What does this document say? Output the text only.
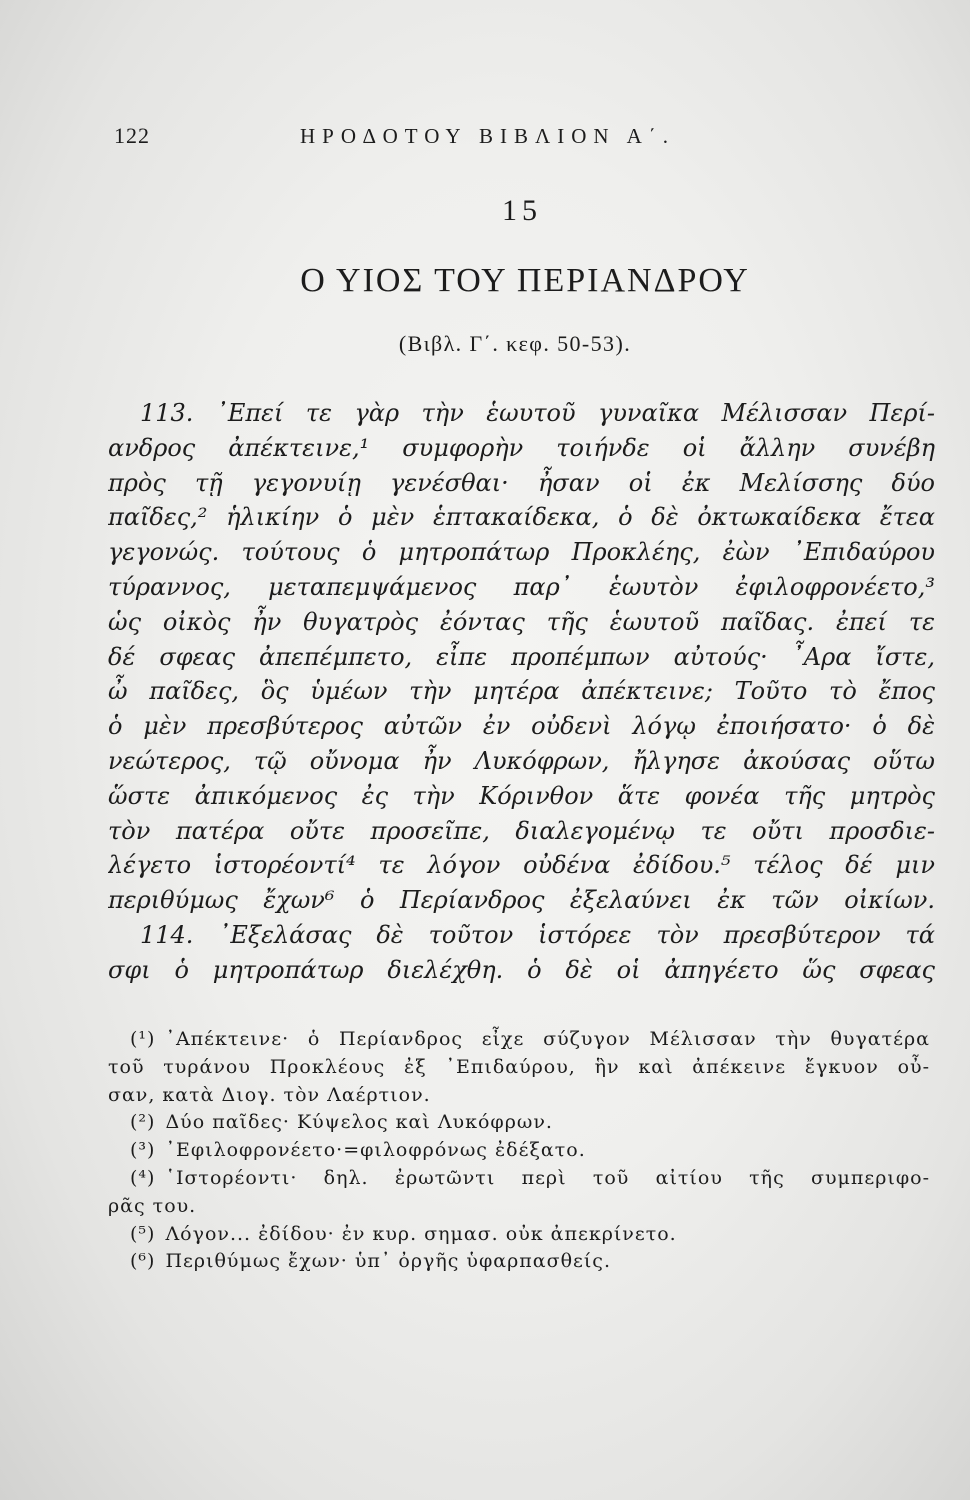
122	ΗΡΟΔΟΤΟΥ ΒΙΒΛΙΟΝ Α΄.
15
Ο ΥΙΟΣ ΤΟΥ ΠΕΡΙΑΝΔΡΟΥ
(Βιβλ. Γ΄. κεφ. 50-53).
113. ᾿Επεί τε γὰρ τὴν ἑωυτοῦ γυναῖκα Μέλισσαν Περί-
ανδρος ἀπέκτεινε,¹ συμφορὴν τοιήνδε οἱ ἄλλην συνέβη
πρὸς τῇ γεγονυίῃ γενέσθαι· ἦσαν οἱ ἐκ Μελίσσης δύο
παῖδες,² ἡλικίην ὁ μὲν ἑπτακαίδεκα, ὁ δὲ ὀκτωκαίδεκα ἔτεα
γεγονώς. τούτους ὁ μητροπάτωρ Προκλέης, ἐὼν ᾿Επιδαύρου
τύραννος, μεταπεμψάμενος παρ᾿ ἑωυτὸν ἐφιλοφρονέετο,³
ὡς οἰκὸς ἦν θυγατρὸς ἐόντας τῆς ἑωυτοῦ παῖδας. ἐπεί τε
δέ σφεας ἀπεπέμπετο, εἶπε προπέμπων αὐτούς· ῏Αρα ἴστε,
ὦ παῖδες, ὃς ὑμέων τὴν μητέρα ἀπέκτεινε; Τοῦτο τὸ ἔπος
ὁ μὲν πρεσβύτερος αὐτῶν ἐν οὐδενὶ λόγῳ ἐποιήσατο· ὁ δὲ
νεώτερος, τῷ οὔνομα ἦν Λυκόφρων, ἤλγησε ἀκούσας οὕτω
ὥστε ἀπικόμενος ἐς τὴν Κόρινθον ἅτε φονέα τῆς μητρὸς
τὸν πατέρα οὔτε προσεῖπε, διαλεγομένῳ τε οὔτι προσδιε-
λέγετο ἱστορέοντί⁴ τε λόγον οὐδένα ἐδίδου.⁵ τέλος δέ μιν
περιθύμως ἔχων⁶ ὁ Περίανδρος ἐξελαύνει ἐκ τῶν οἰκίων.
114. ᾿Εξελάσας δὲ τοῦτον ἱστόρεε τὸν πρεσβύτερον τά
σφι ὁ μητροπάτωρ διελέχθη. ὁ δὲ οἱ ἀπηγέετο ὥς σφεας
(¹) ᾿Απέκτεινε· ὁ Περίανδρος εἶχε σύζυγον Μέλισσαν τὴν θυγατέρα
τοῦ τυράνου Προκλέους ἐξ ᾿Επιδαύρου, ἣν καὶ ἀπέκεινε ἔγκυον οὖ-
σαν, κατὰ Διογ. τὸν Λαέρτιον.
(²) Δύο παῖδες· Κύψελος καὶ Λυκόφρων.
(³) ᾿Εφιλοφρονέετο·=φιλοφρόνως ἐδέξατο.
(⁴) ῾Ιστορέοντι· δηλ. ἐρωτῶντι περὶ τοῦ αἰτίου τῆς συμπεριφο-
ρᾶς του.
(⁵) Λόγον... ἐδίδου· ἐν κυρ. σημασ. οὐκ ἀπεκρίνετο.
(⁶) Περιθύμως ἔχων· ὑπ᾿ ὀργῆς ὑφαρπασθείς.
